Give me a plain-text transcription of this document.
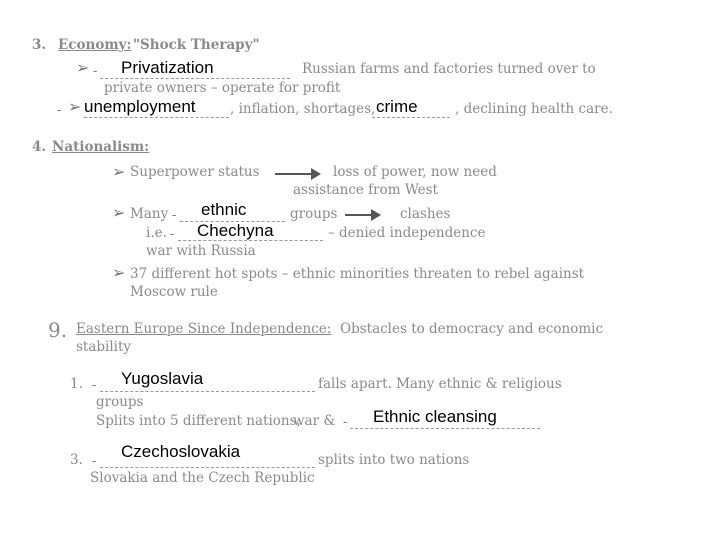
3. Economy: "Shock Therapy"
➢ - Privatization	Russian farms and factories turned over to
private owners – operate for profit
- ➢ unemployment	, inflation, shortages, crime	, declining health care.
4. Nationalism:
➢ Superpower status	loss of power, now need
assistance from West
➢ Many - ethnic	groups	clashes
i.e. - Chechyna	– denied independence
war with Russia
➢ 37 different hot spots – ethnic minorities threaten to rebel against
Moscow rule
9. Eastern Europe Since Independence: Obstacles to democracy and economic
stability
1. - Yugoslavia	falls apart. Many ethnic & religious
groups
Splits into 5 different nations;
war & - Ethnic cleansing
3. - Czechoslovakia	splits into two nations
Slovakia and the Czech Republic
